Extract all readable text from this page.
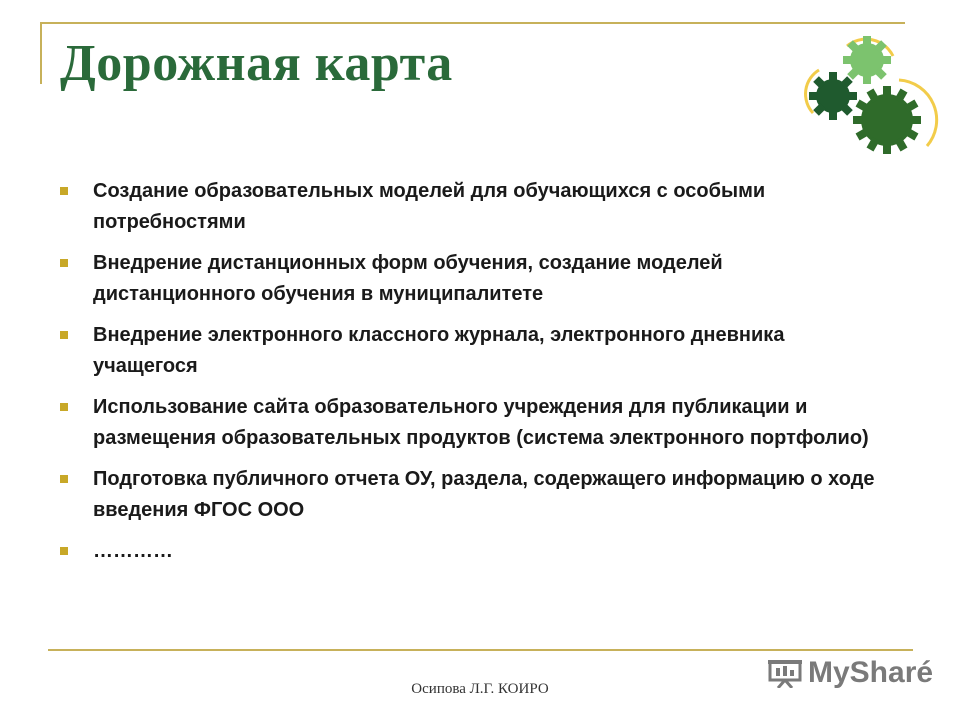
Дорожная карта
Создание образовательных моделей для обучающихся с особыми потребностями
Внедрение дистанционных форм обучения, создание моделей дистанционного обучения в муниципалитете
Внедрение электронного классного журнала, электронного дневника учащегося
Использование сайта образовательного учреждения для публикации и размещения образовательных продуктов (система электронного портфолио)
Подготовка публичного отчета ОУ, раздела, содержащего информацию о ходе введения ФГОС ООО
…………
Осипова Л.Г. КОИРО	MySharé
